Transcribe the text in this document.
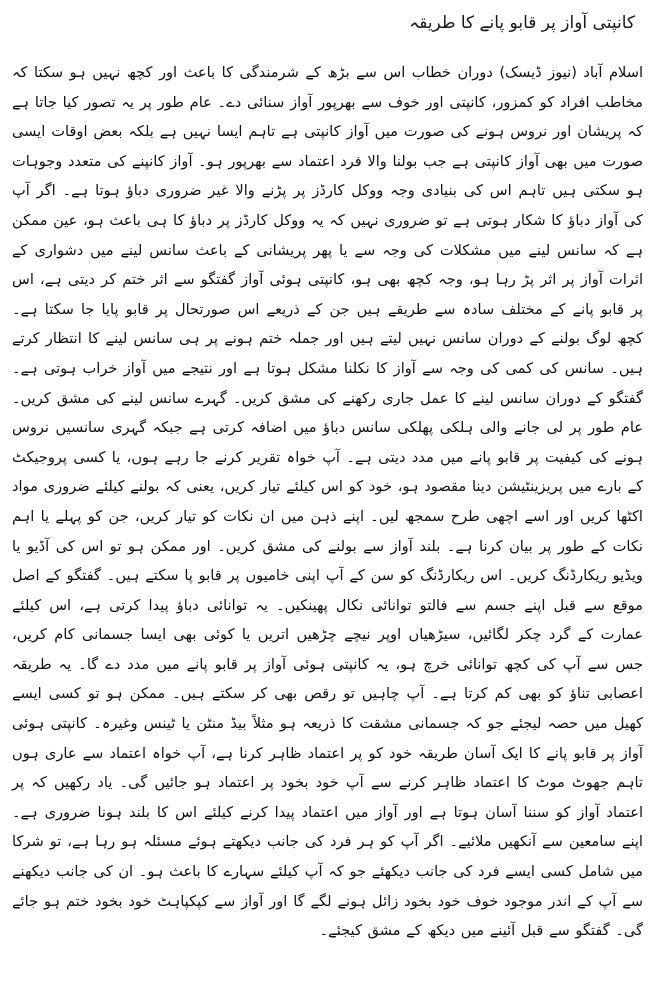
کانپتی آواز پر قابو پانے کا طریقہ

اسلام آباد (نیوز ڈیسک) دوران خطاب اس سے بڑھ کے شرمندگی کا باعث اور کچھ نہیں ہو سکتا کہ مخاطب افراد کو کمزور، کانپتی اور خوف سے بھرپور آواز سنائی دے۔ عام طور پر یہ تصور کیا جاتا ہے کہ پریشان اور نروس ہونے کی صورت میں آواز کانپتی ہے تاہم ایسا نہیں ہے بلکہ بعض اوقات ایسی صورت میں بھی آواز کانپتی ہے جب بولنا والا فرد اعتماد سے بھرپور ہو۔ آواز کانپنے کی متعدد وجوہات ہو سکتی ہیں تاہم اس کی بنیادی وجہ ووکل کارڈز پر پڑنے والا غیر ضروری دباؤ ہوتا ہے۔ اگر آپ کی آواز دباؤ کا شکار ہوتی ہے تو ضروری نہیں کہ یہ ووکل کارڈز پر دباؤ کا ہی باعث ہو، عین ممکن ہے کہ سانس لینے میں مشکلات کی وجہ سے یا پھر پریشانی کے باعث سانس لینے میں دشواری کے اثرات آواز پر اثر پڑ رہا ہو، وجہ کچھ بھی ہو، کانپتی ہوئی آواز گفتگو سے اثر ختم کر دیتی ہے، اس پر قابو پانے کے مختلف سادہ سے طریقے ہیں جن کے ذریعے اس صورتحال پر قابو پایا جا سکتا ہے۔ کچھ لوگ بولنے کے دوران سانس نہیں لیتے ہیں اور جملہ ختم ہونے پر ہی سانس لینے کا انتظار کرتے ہیں۔ سانس کی کمی کی وجہ سے آواز کا نکلنا مشکل ہوتا ہے اور نتیجے میں آواز خراب ہوتی ہے۔ گفتگو کے دوران سانس لینے کا عمل جاری رکھنے کی مشق کریں۔ گہرے سانس لینے کی مشق کریں۔ عام طور پر لی جانے والی ہلکی پھلکی سانس دباؤ میں اضافہ کرتی ہے جبکہ گہری سانسیں نروس ہونے کی کیفیت پر قابو پانے میں مدد دیتی ہے۔ آپ خواہ تقریر کرنے جا رہے ہوں، یا کسی پروجیکٹ کے بارے میں پریزینٹیشن دینا مقصود ہو، خود کو اس کیلئے تیار کریں، یعنی کہ بولنے کیلئے ضروری مواد اکٹھا کریں اور اسے اچھی طرح سمجھ لیں۔ اپنے ذہن میں ان نکات کو تیار کریں، جن کو پہلے یا اہم نکات کے طور پر بیان کرنا ہے۔ بلند آواز سے بولنے کی مشق کریں۔ اور ممکن ہو تو اس کی آڈیو یا ویڈیو ریکارڈنگ کریں۔ اس ریکارڈنگ کو سن کے آپ اپنی خامیوں پر قابو پا سکتے ہیں۔ گفتگو کے اصل موقع سے قبل اپنے جسم سے فالتو توانائی نکال پھینکیں۔ یہ توانائی دباؤ پیدا کرتی ہے، اس کیلئے عمارت کے گرد چکر لگائیں، سیڑھیاں اوپر نیچے چڑھیں اتریں یا کوئی بھی ایسا جسمانی کام کریں، جس سے آپ کی کچھ توانائی خرچ ہو، یہ کانپتی ہوئی آواز پر قابو پانے میں مدد دے گا۔ یہ طریقہ اعصابی تناؤ کو بھی کم کرتا ہے۔ آپ چاہیں تو رقص بھی کر سکتے ہیں۔ ممکن ہو تو کسی ایسے کھیل میں حصہ لیجئے جو کہ جسمانی مشقت کا ذریعہ ہو مثلاً بیڈ منٹن یا ٹینس وغیرہ۔ کانپتی ہوئی آواز پر قابو پانے کا ایک آسان طریقہ خود کو پر اعتماد ظاہر کرنا ہے، آپ خواہ اعتماد سے عاری ہوں تاہم جھوٹ موٹ کا اعتماد ظاہر کرنے سے آپ خود بخود پر اعتماد ہو جائیں گی۔ یاد رکھیں کہ پر اعتماد آواز کو سننا آسان ہوتا ہے اور آواز میں اعتماد پیدا کرنے کیلئے اس کا بلند ہونا ضروری ہے۔ اپنے سامعین سے آنکھیں ملائیے۔ اگر آپ کو ہر فرد کی جانب دیکھتے ہوئے مسئلہ ہو رہا ہے، تو شرکا میں شامل کسی ایسے فرد کی جانب دیکھئے جو کہ آپ کیلئے سہارے کا باعث ہو۔ ان کی جانب دیکھنے سے آپ کے اندر موجود خوف خود بخود زائل ہونے لگے گا اور آواز سے کپکپاہٹ خود بخود ختم ہو جائے گی۔ گفتگو سے قبل آئینے میں دیکھ کے مشق کیجئے۔
